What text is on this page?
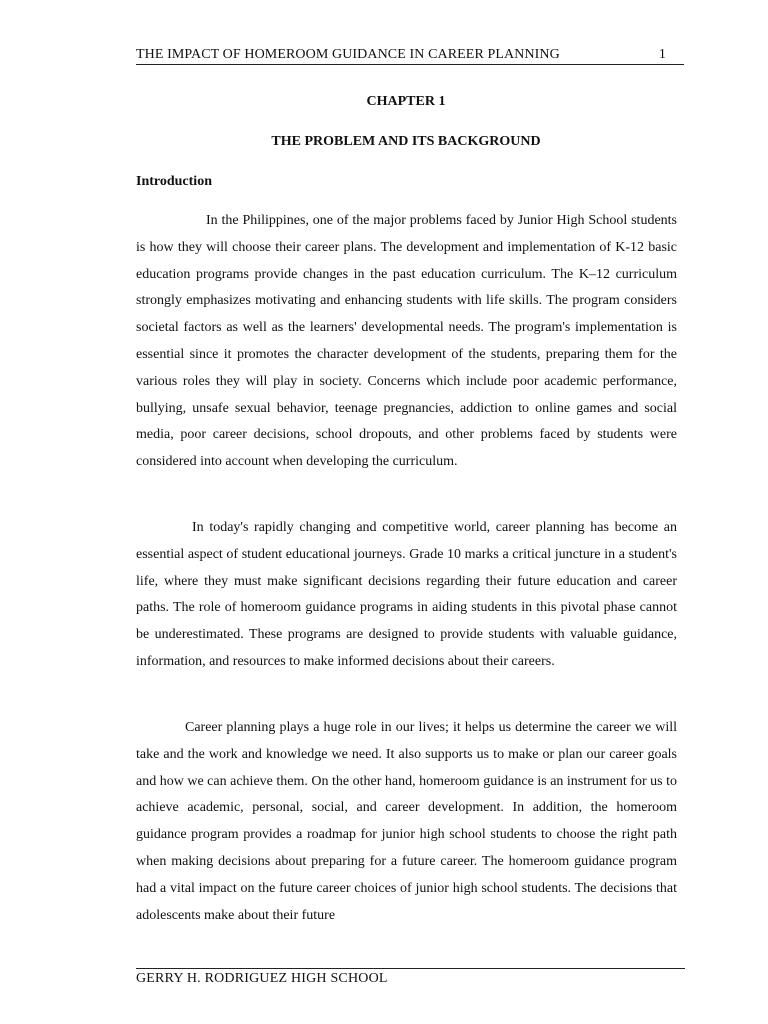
THE IMPACT OF HOMEROOM GUIDANCE IN CAREER PLANNING	1
CHAPTER 1
THE PROBLEM AND ITS BACKGROUND
Introduction

In the Philippines, one of the major problems faced by Junior High School students is how they will choose their career plans. The development and implementation of K-12 basic education programs provide changes in the past education curriculum. The K–12 curriculum strongly emphasizes motivating and enhancing students with life skills. The program considers societal factors as well as the learners' developmental needs. The program's implementation is essential since it promotes the character development of the students, preparing them for the various roles they will play in society. Concerns which include poor academic performance, bullying, unsafe sexual behavior, teenage pregnancies, addiction to online games and social media, poor career decisions, school dropouts, and other problems faced by students were considered into account when developing the curriculum.

In today's rapidly changing and competitive world, career planning has become an essential aspect of student educational journeys. Grade 10 marks a critical juncture in a student's life, where they must make significant decisions regarding their future education and career paths. The role of homeroom guidance programs in aiding students in this pivotal phase cannot be underestimated. These programs are designed to provide students with valuable guidance, information, and resources to make informed decisions about their careers.

Career planning plays a huge role in our lives; it helps us determine the career we will take and the work and knowledge we need. It also supports us to make or plan our career goals and how we can achieve them. On the other hand, homeroom guidance is an instrument for us to achieve academic, personal, social, and career development. In addition, the homeroom guidance program provides a roadmap for junior high school students to choose the right path when making decisions about preparing for a future career. The homeroom guidance program had a vital impact on the future career choices of junior high school students. The decisions that adolescents make about their future

GERRY H. RODRIGUEZ HIGH SCHOOL
